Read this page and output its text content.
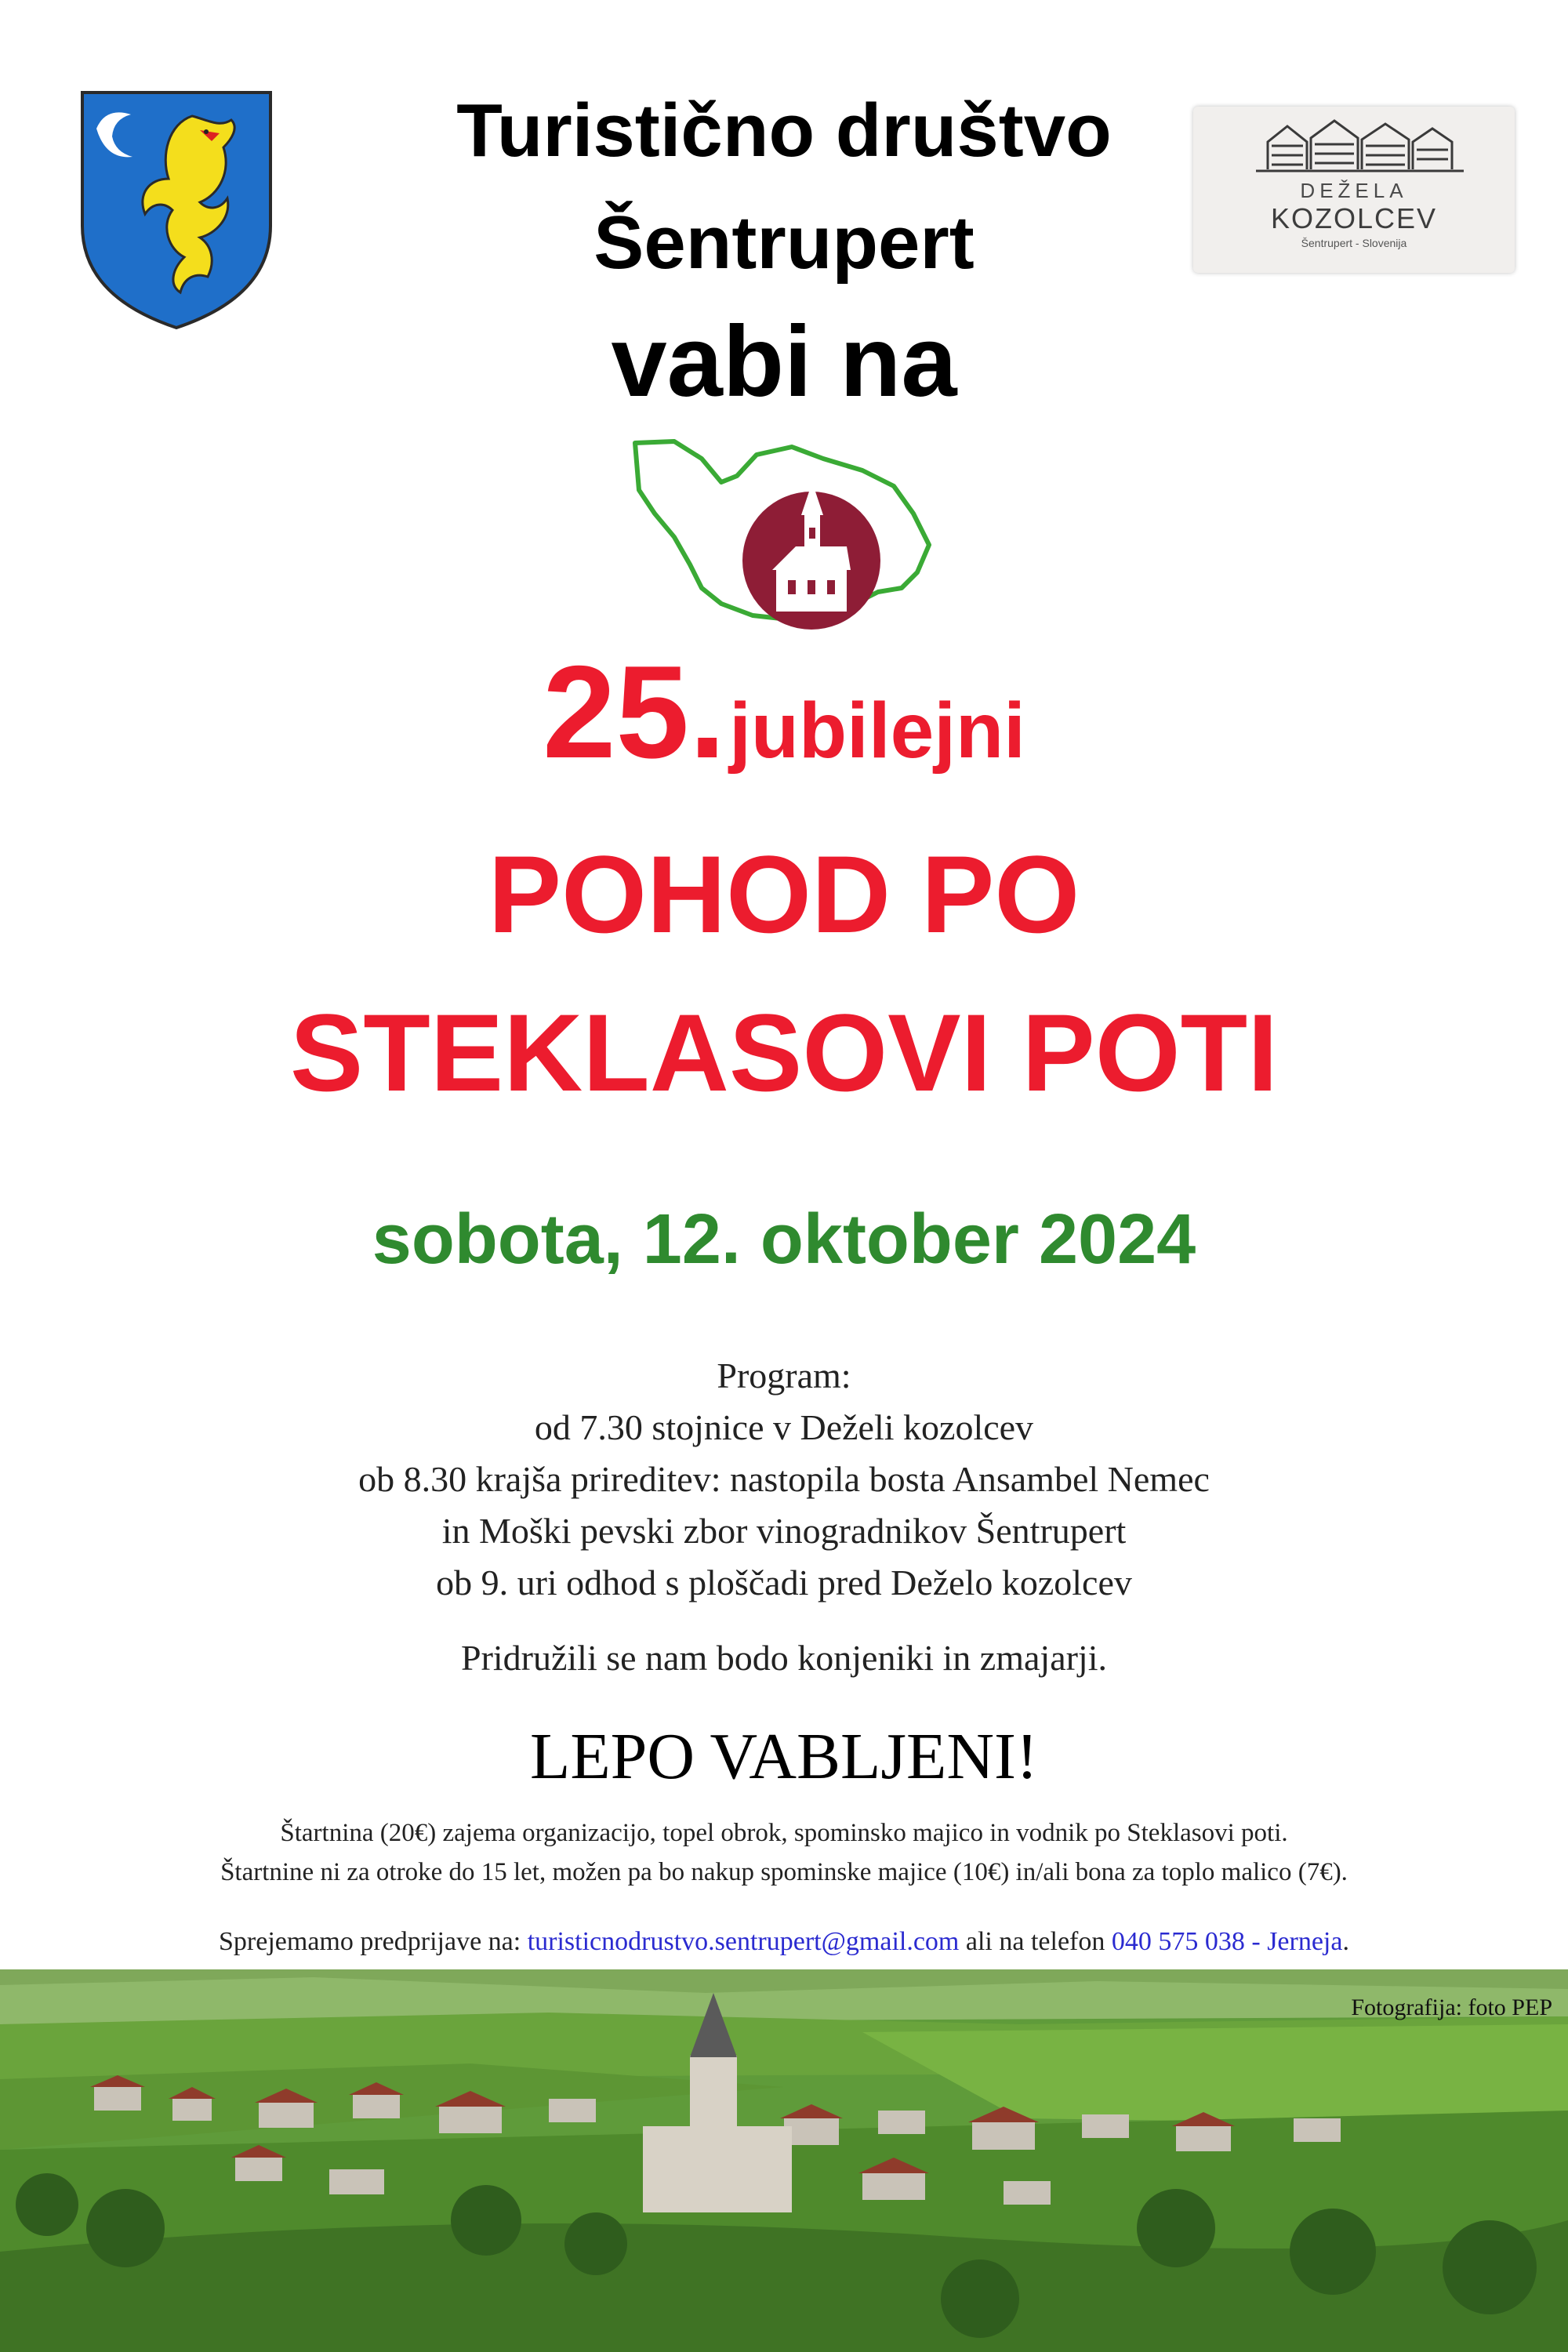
Turistično društvo
Šentrupert
vabi na
DEŽELA
KOZOLCEV
Šentrupert - Slovenija
25. jubilejni
POHOD PO
STEKLASOVI POTI
sobota, 12. oktober 2024
Program:
od 7.30 stojnice v Deželi kozolcev
ob 8.30 krajša prireditev: nastopila bosta Ansambel Nemec
in Moški pevski zbor vinogradnikov Šentrupert
ob 9. uri odhod s ploščadi pred Deželo kozolcev
Pridružili se nam bodo konjeniki in zmajarji.
LEPO VABLJENI!
Štartnina (20€) zajema organizacijo, topel obrok, spominsko majico in vodnik po Steklasovi poti.
Štartnine ni za otroke do 15 let, možen pa bo nakup spominske majice (10€) in/ali bona za toplo malico (7€).
Sprejemamo predprijave na: turisticnodrustvo.sentrupert@gmail.com ali na telefon 040 575 038 - Jerneja.
Fotografija: foto PEP
